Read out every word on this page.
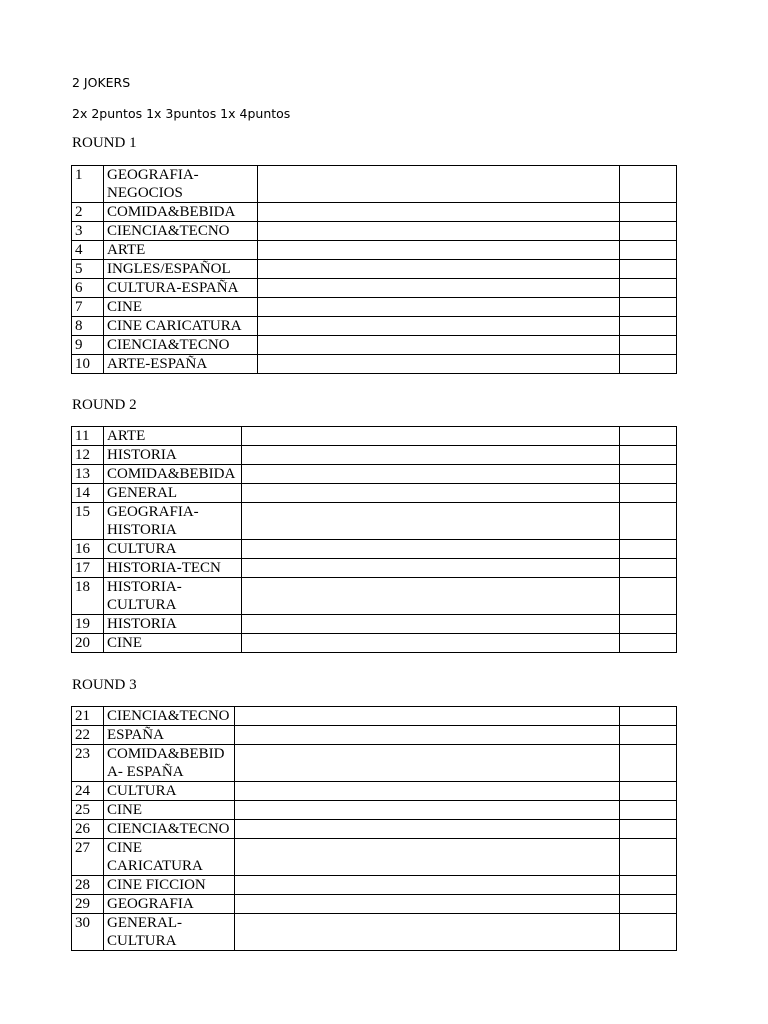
2 JOKERS
2x 2puntos 1x 3puntos 1x 4puntos
ROUND 1
1	GEOGRAFIA-
NEGOCIOS		
2	COMIDA&BEBIDA		
3	CIENCIA&TECNO		
4	ARTE		
5	INGLES/ESPAÑOL		
6	CULTURA-ESPAÑA		
7	CINE		
8	CINE CARICATURA		
9	CIENCIA&TECNO		
10	ARTE-ESPAÑA		
ROUND 2
11	ARTE		
12	HISTORIA		
13	COMIDA&BEBIDA		
14	GENERAL		
15	GEOGRAFIA-
HISTORIA		
16	CULTURA		
17	HISTORIA-TECN		
18	HISTORIA-
CULTURA		
19	HISTORIA		
20	CINE		
ROUND 3
21	CIENCIA&TECNO		
22	ESPAÑA		
23	COMIDA&BEBID
A- ESPAÑA		
24	CULTURA		
25	CINE		
26	CIENCIA&TECNO		
27	CINE
CARICATURA		
28	CINE FICCION		
29	GEOGRAFIA		
30	GENERAL-
CULTURA		
